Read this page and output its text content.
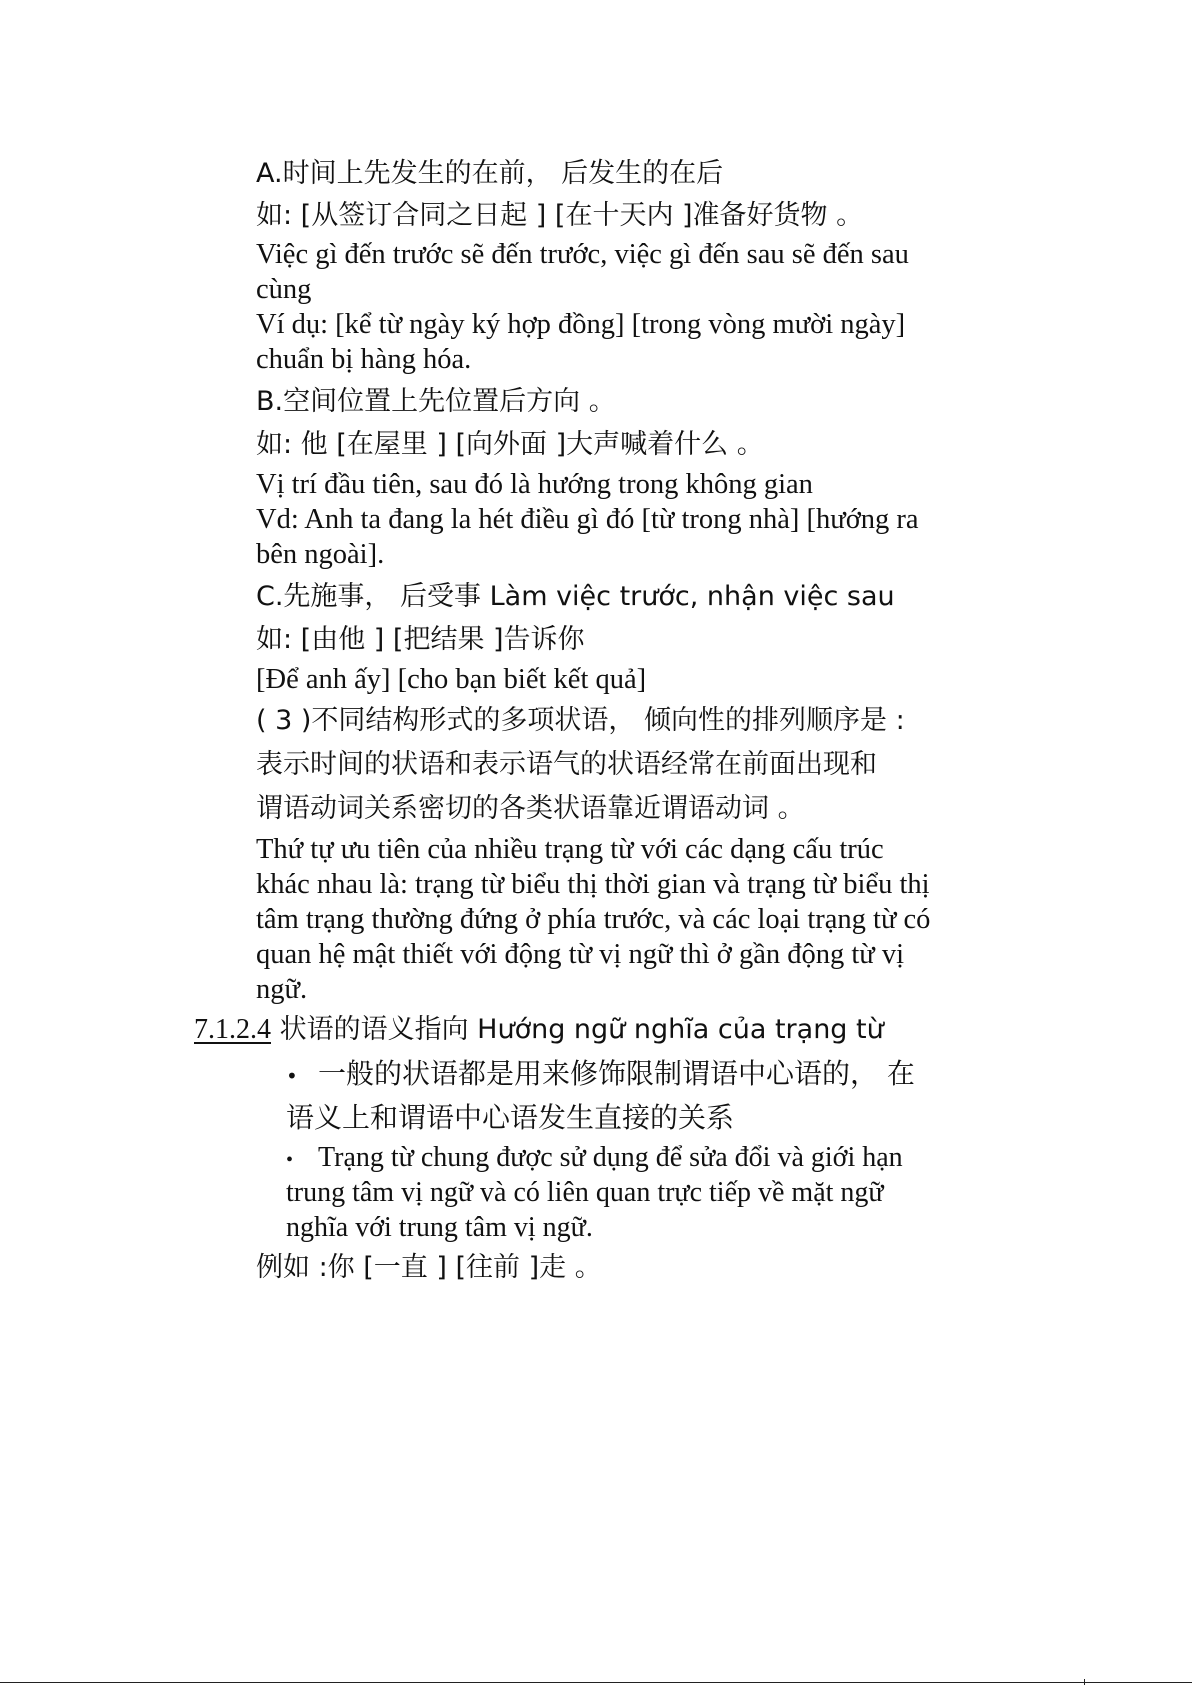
A.时间上先发生的在前， 后发生的在后
如: [从签订合同之日起 ] [在十天内 ]准备好货物 。
Việc gì đến trước sẽ đến trước, việc gì đến sau sẽ đến sau
cùng
Ví dụ: [kể từ ngày ký hợp đồng] [trong vòng mười ngày]
chuẩn bị hàng hóa.
B.空间位置上先位置后方向 。
如: 他 [在屋里 ] [向外面 ]大声喊着什么 。
Vị trí đầu tiên, sau đó là hướng trong không gian
Vd: Anh ta đang la hét điều gì đó [từ trong nhà] [hướng ra
bên ngoài].
C.先施事， 后受事 Làm việc trước, nhận việc sau
如: [由他 ] [把结果 ]告诉你
[Để anh ấy] [cho bạn biết kết quả]
( 3 )不同结构形式的多项状语， 倾向性的排列顺序是 :
表示时间的状语和表示语气的状语经常在前面出现和
谓语动词关系密切的各类状语靠近谓语动词 。
Thứ tự ưu tiên của nhiều trạng từ với các dạng cấu trúc
khác nhau là: trạng từ biểu thị thời gian và trạng từ biểu thị
tâm trạng thường đứng ở phía trước, và các loại trạng từ có
quan hệ mật thiết với động từ vị ngữ thì ở gần động từ vị
ngữ.
7.1.2.4 状语的语义指向 Hướng ngữ nghĩa của trạng từ
• 一般的状语都是用来修饰限制谓语中心语的， 在
语义上和谓语中心语发生直接的关系
• Trạng từ chung được sử dụng để sửa đổi và giới hạn
trung tâm vị ngữ và có liên quan trực tiếp về mặt ngữ
nghĩa với trung tâm vị ngữ.
例如 :你 [一直 ] [往前 ]走 。
